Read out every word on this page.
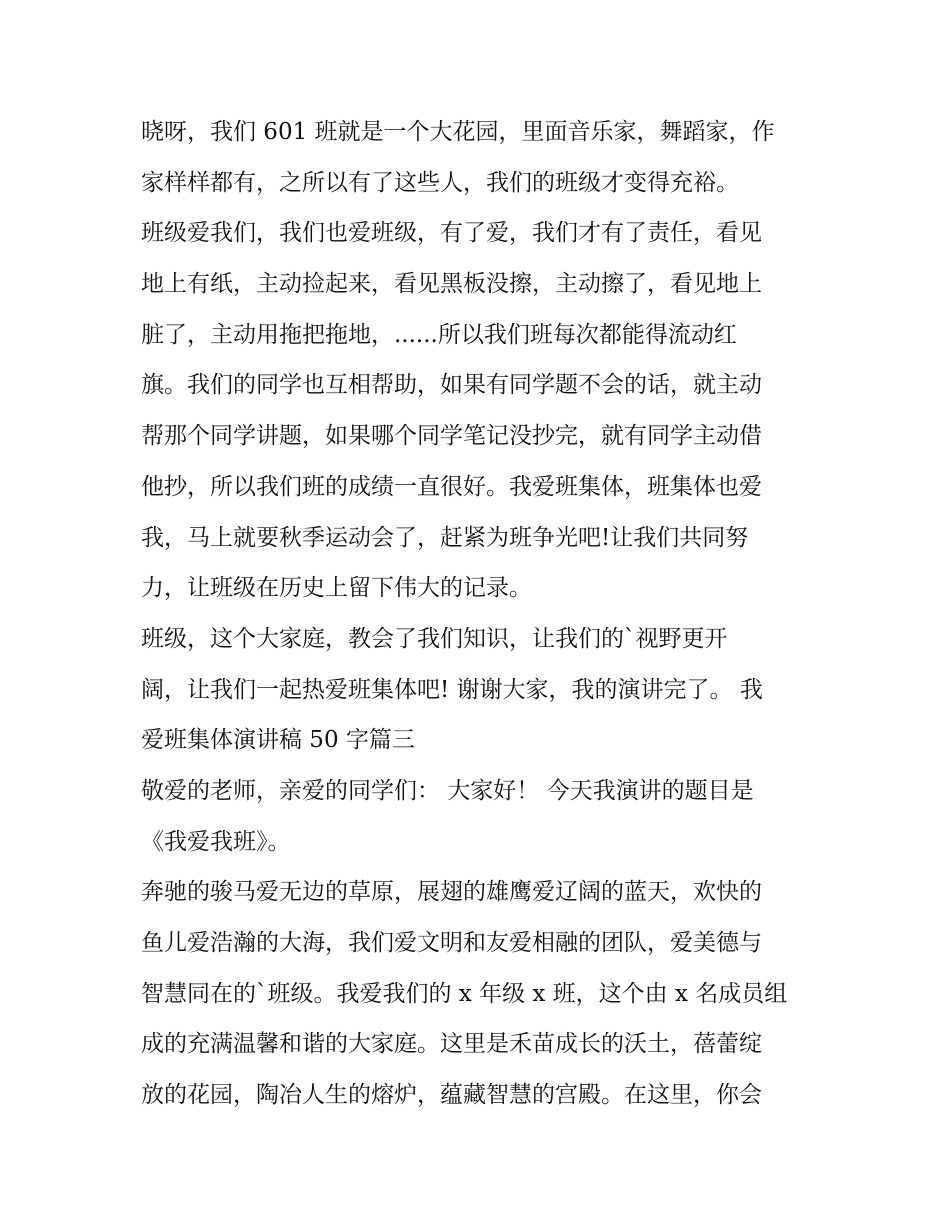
晓呀，我们 601 班就是一个大花园，里面音乐家，舞蹈家，作
家样样都有，之所以有了这些人，我们的班级才变得充裕。
班级爱我们，我们也爱班级，有了爱，我们才有了责任，看见
地上有纸，主动捡起来，看见黑板没擦，主动擦了，看见地上
脏了，主动用拖把拖地，......所以我们班每次都能得流动红
旗。我们的同学也互相帮助，如果有同学题不会的话，就主动
帮那个同学讲题，如果哪个同学笔记没抄完，就有同学主动借
他抄，所以我们班的成绩一直很好。我爱班集体，班集体也爱
我，马上就要秋季运动会了，赶紧为班争光吧!让我们共同努
力，让班级在历史上留下伟大的记录。
班级，这个大家庭，教会了我们知识，让我们的`视野更开
阔，让我们一起热爱班集体吧! 谢谢大家，我的演讲完了。 我
爱班集体演讲稿 50 字篇三
敬爱的老师，亲爱的同学们： 大家好！ 今天我演讲的题目是
《我爱我班》。
奔驰的骏马爱无边的草原，展翅的雄鹰爱辽阔的蓝天，欢快的
鱼儿爱浩瀚的大海，我们爱文明和友爱相融的团队，爱美德与
智慧同在的`班级。我爱我们的 x 年级 x 班，这个由 x 名成员组
成的充满温馨和谐的大家庭。这里是禾苗成长的沃土，蓓蕾绽
放的花园，陶冶人生的熔炉，蕴藏智慧的宫殿。在这里，你会
